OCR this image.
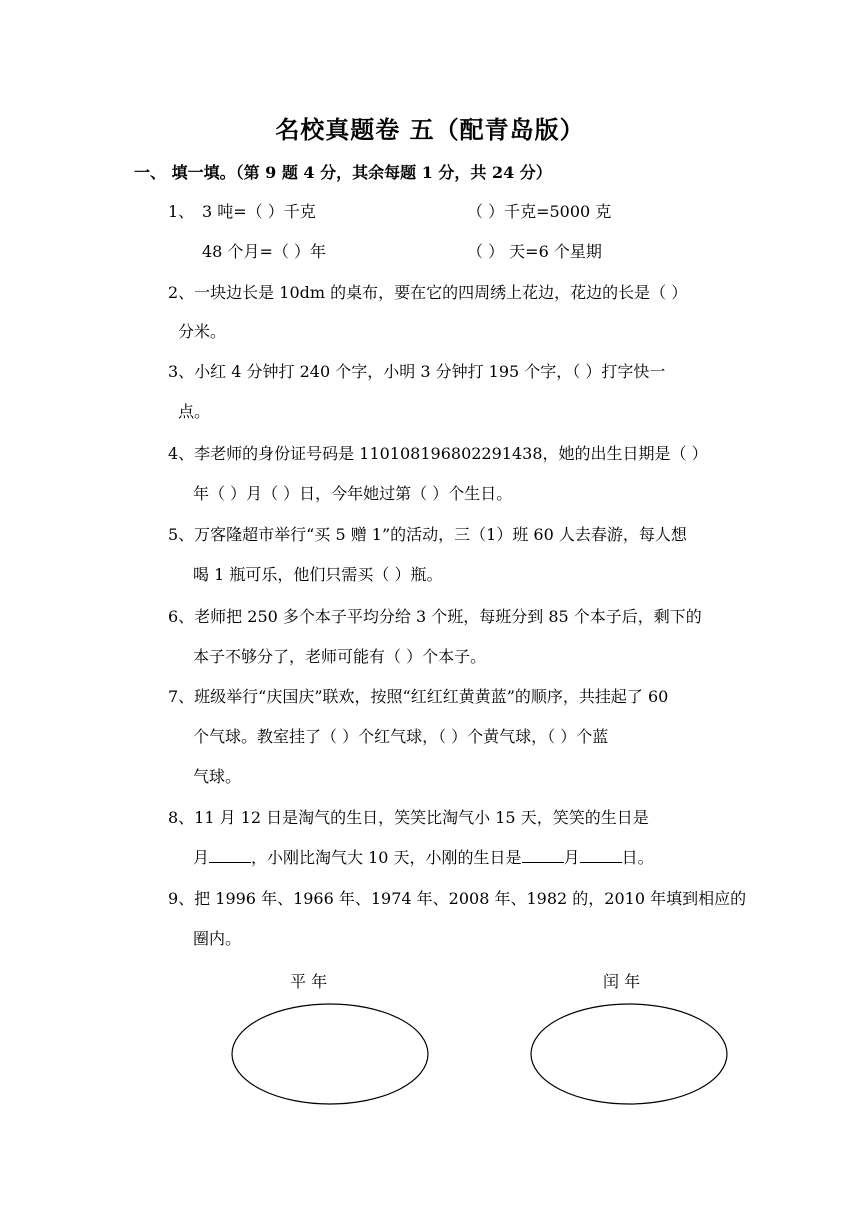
名校真题卷 五（配青岛版）
一、 填一填。（第 9 题 4 分，其余每题 1 分，共 24 分）
1、 3 吨=（ ）千克	（ ）千克=5000 克
48 个月=（ ）年	（ ） 天=6 个星期
2、一块边长是 10dm 的桌布，要在它的四周绣上花边，花边的长是（ ）
分米。
3、小红 4 分钟打 240 个字，小明 3 分钟打 195 个字，（ ）打字快一
点。
4、李老师的身份证号码是 110108196802291438，她的出生日期是（ ）
年（ ）月（ ）日，今年她过第（ ）个生日。
5、万客隆超市举行“买 5 赠 1”的活动，三（1）班 60 人去春游，每人想
喝 1 瓶可乐，他们只需买（ ）瓶。
6、老师把 250 多个本子平均分给 3 个班，每班分到 85 个本子后，剩下的
本子不够分了，老师可能有（ ）个本子。
7、班级举行“庆国庆”联欢，按照“红红红黄黄蓝”的顺序，共挂起了 60
个气球。教室挂了（ ）个红气球，（ ）个黄气球，（ ）个蓝
气球。
8、11 月 12 日是淘气的生日，笑笑比淘气小 15 天，笑笑的生日是
月	，小刚比淘气大 10 天，小刚的生日是	月	日。
9、把 1996 年、1966 年、1974 年、2008 年、1982 的，2010 年填到相应的
圈内。
平 年	闰 年
